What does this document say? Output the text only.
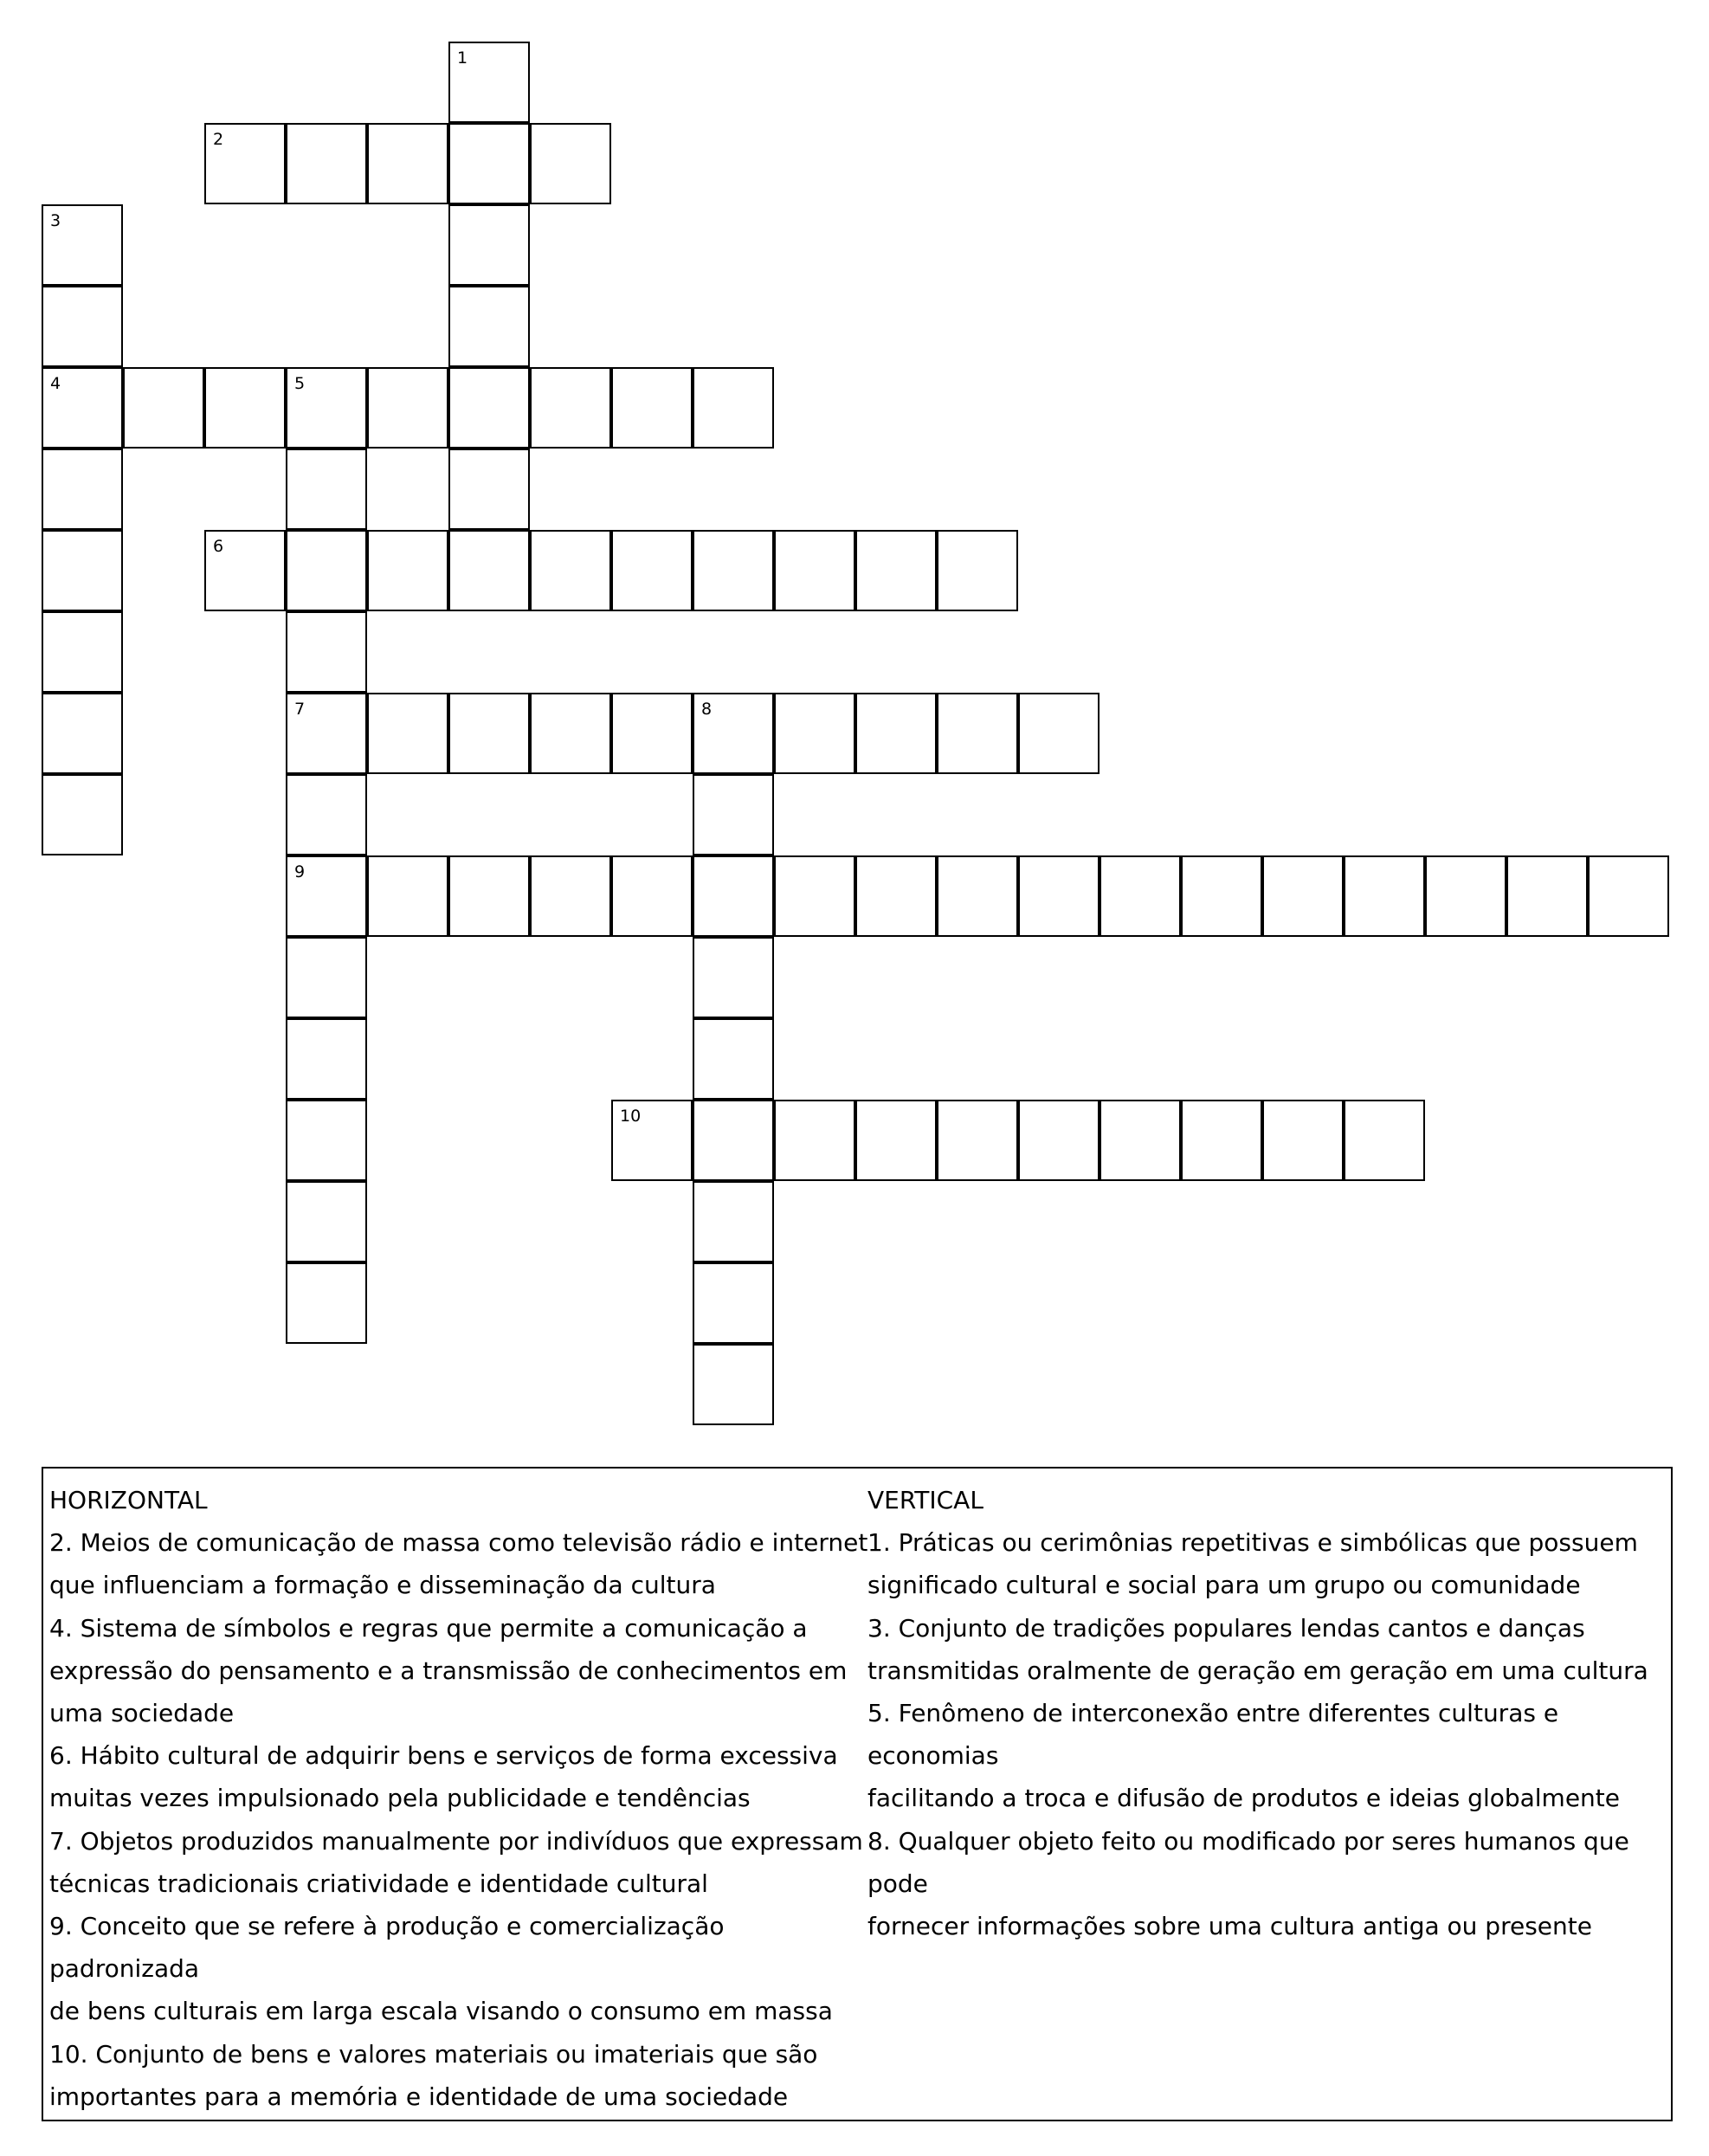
1
2
3
4	5
6
7	8
9
10
HORIZONTAL
2. Meios de comunicação de massa como televisão rádio e internet
que influenciam a formação e disseminação da cultura
4. Sistema de símbolos e regras que permite a comunicação a
expressão do pensamento e a transmissão de conhecimentos em
uma sociedade
6. Hábito cultural de adquirir bens e serviços de forma excessiva
muitas vezes impulsionado pela publicidade e tendências
7. Objetos produzidos manualmente por indivíduos que expressam
técnicas tradicionais criatividade e identidade cultural
9. Conceito que se refere à produção e comercialização padronizada
de bens culturais em larga escala visando o consumo em massa
10. Conjunto de bens e valores materiais ou imateriais que são
importantes para a memória e identidade de uma sociedade
VERTICAL
1. Práticas ou cerimônias repetitivas e simbólicas que possuem
significado cultural e social para um grupo ou comunidade
3. Conjunto de tradições populares lendas cantos e danças
transmitidas oralmente de geração em geração em uma cultura
5. Fenômeno de interconexão entre diferentes culturas e economias
facilitando a troca e difusão de produtos e ideias globalmente
8. Qualquer objeto feito ou modificado por seres humanos que pode
fornecer informações sobre uma cultura antiga ou presente
